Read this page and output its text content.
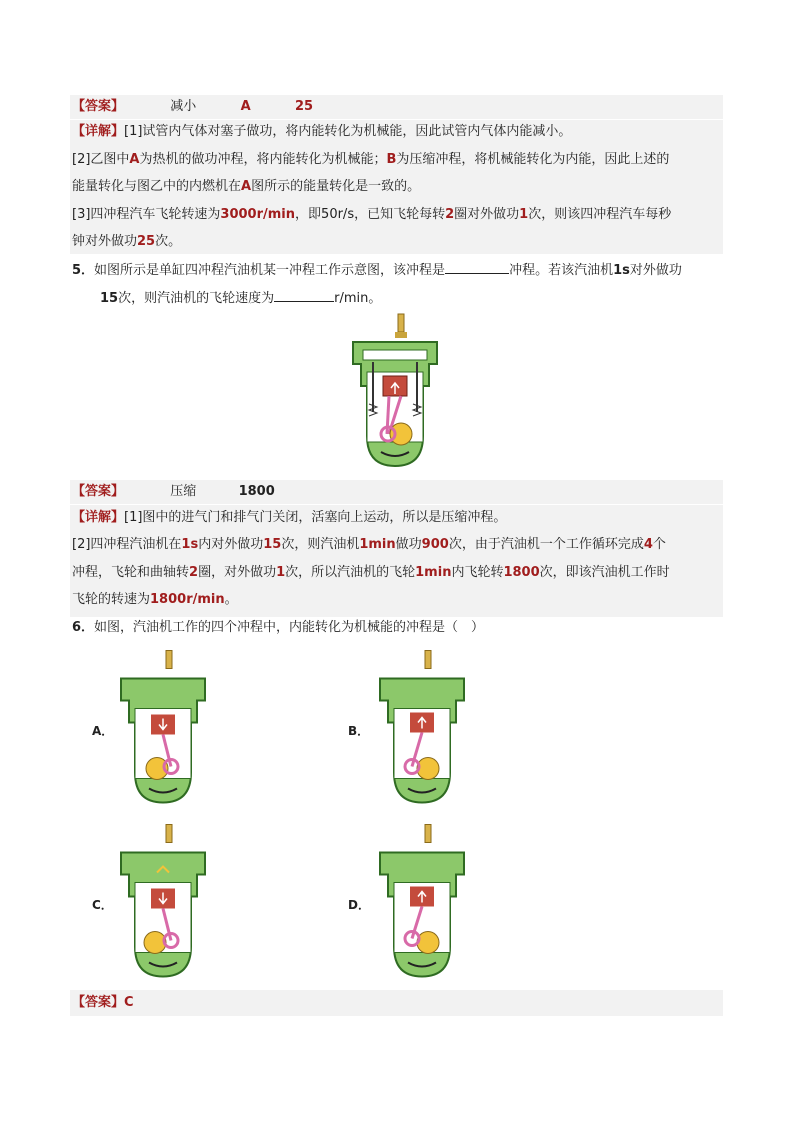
【答案】	减小	A	25
【详解】[1]试管内气体对塞子做功，将内能转化为机械能，因此试管内气体内能减小。
[2]乙图中A为热机的做功冲程，将内能转化为机械能；B为压缩冲程，将机械能转化为内能，因此上述的
能量转化与图乙中的内燃机在A图所示的能量转化是一致的。
[3]四冲程汽车飞轮转速为3000r/min，即50r/s，已知飞轮每转2圈对外做功1次，则该四冲程汽车每秒
钟对外做功25次。
5．如图所示是单缸四冲程汽油机某一冲程工作示意图，该冲程是	冲程。若该汽油机1s对外做功
15次，则汽油机的飞轮速度为	r/min。
【答案】	压缩	1800
【详解】[1]图中的进气门和排气门关闭，活塞向上运动，所以是压缩冲程。
[2]四冲程汽油机在1s内对外做功15次，则汽油机1min做功900次，由于汽油机一个工作循环完成4个
冲程，飞轮和曲轴转2圈，对外做功1次，所以汽油机的飞轮1min内飞轮转1800次，即该汽油机工作时
飞轮的转速为1800r/min。
6．如图，汽油机工作的四个冲程中，内能转化为机械能的冲程是（　）
A．	B．
C．	D．
【答案】C
